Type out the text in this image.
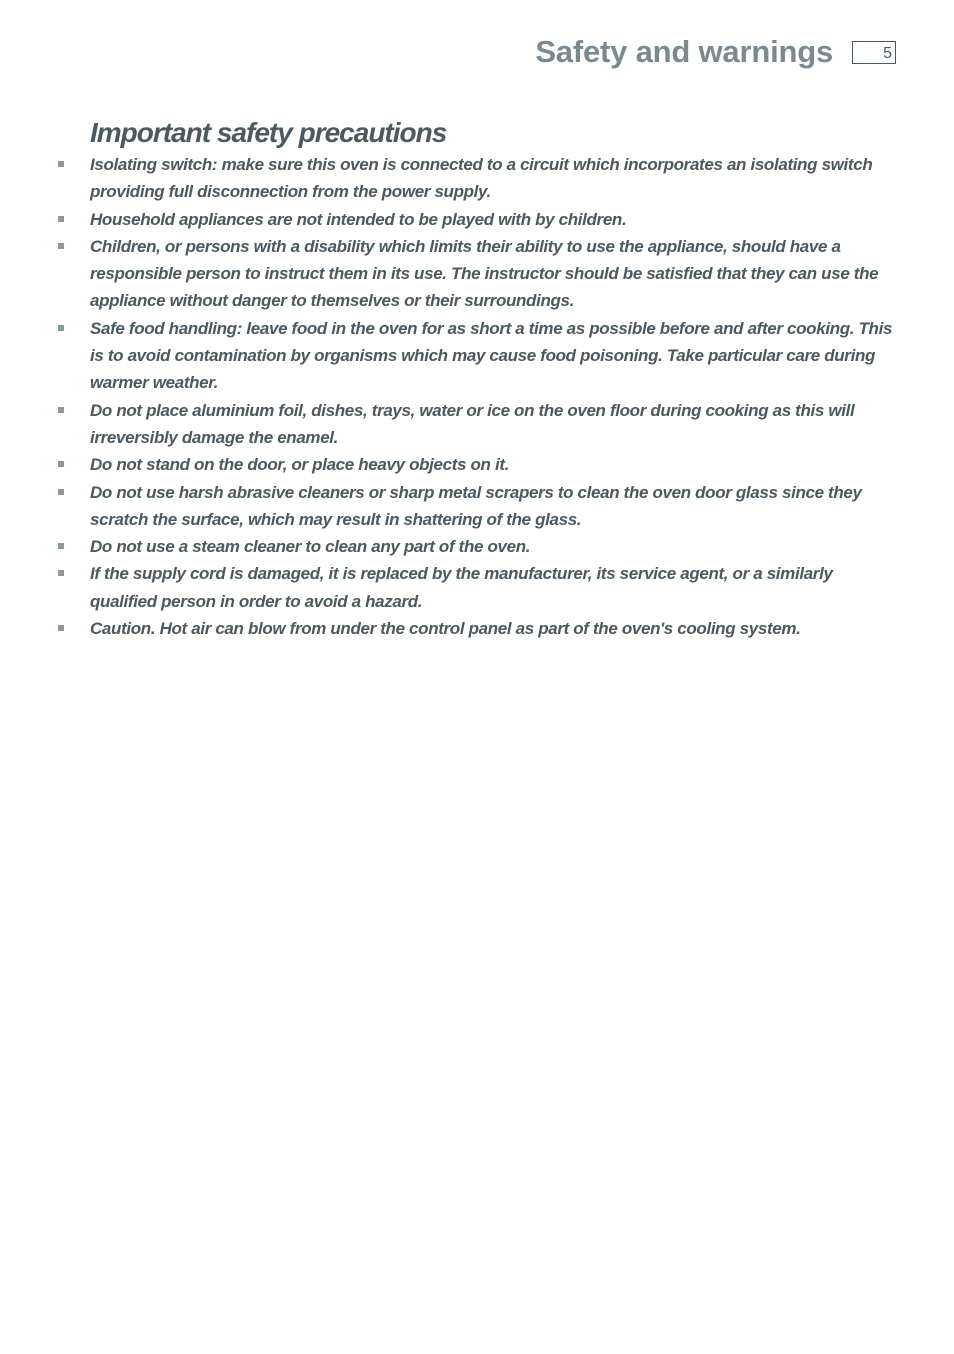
Safety and warnings	5
Important safety precautions
Isolating switch: make sure this oven is connected to a circuit which incorporates an isolating switch providing full disconnection from the power supply.
Household appliances are not intended to be played with by children.
Children, or persons with a disability which limits their ability to use the appliance, should have a responsible person to instruct them in its use. The instructor should be satisfied that they can use the appliance without danger to themselves or their surroundings.
Safe food handling: leave food in the oven for as short a time as possible before and after cooking. This is to avoid contamination by organisms which may cause food poisoning. Take particular care during warmer weather.
Do not place aluminium foil, dishes, trays, water or ice on the oven floor during cooking as this will irreversibly damage the enamel.
Do not stand on the door, or place heavy objects on it.
Do not use harsh abrasive cleaners or sharp metal scrapers to clean the oven door glass since they scratch the surface, which may result in shattering of the glass.
Do not use a steam cleaner to clean any part of the oven.
If the supply cord is damaged, it is replaced by the manufacturer, its service agent, or a similarly qualified person in order to avoid a hazard.
Caution. Hot air can blow from under the control panel as part of the oven's cooling system.
